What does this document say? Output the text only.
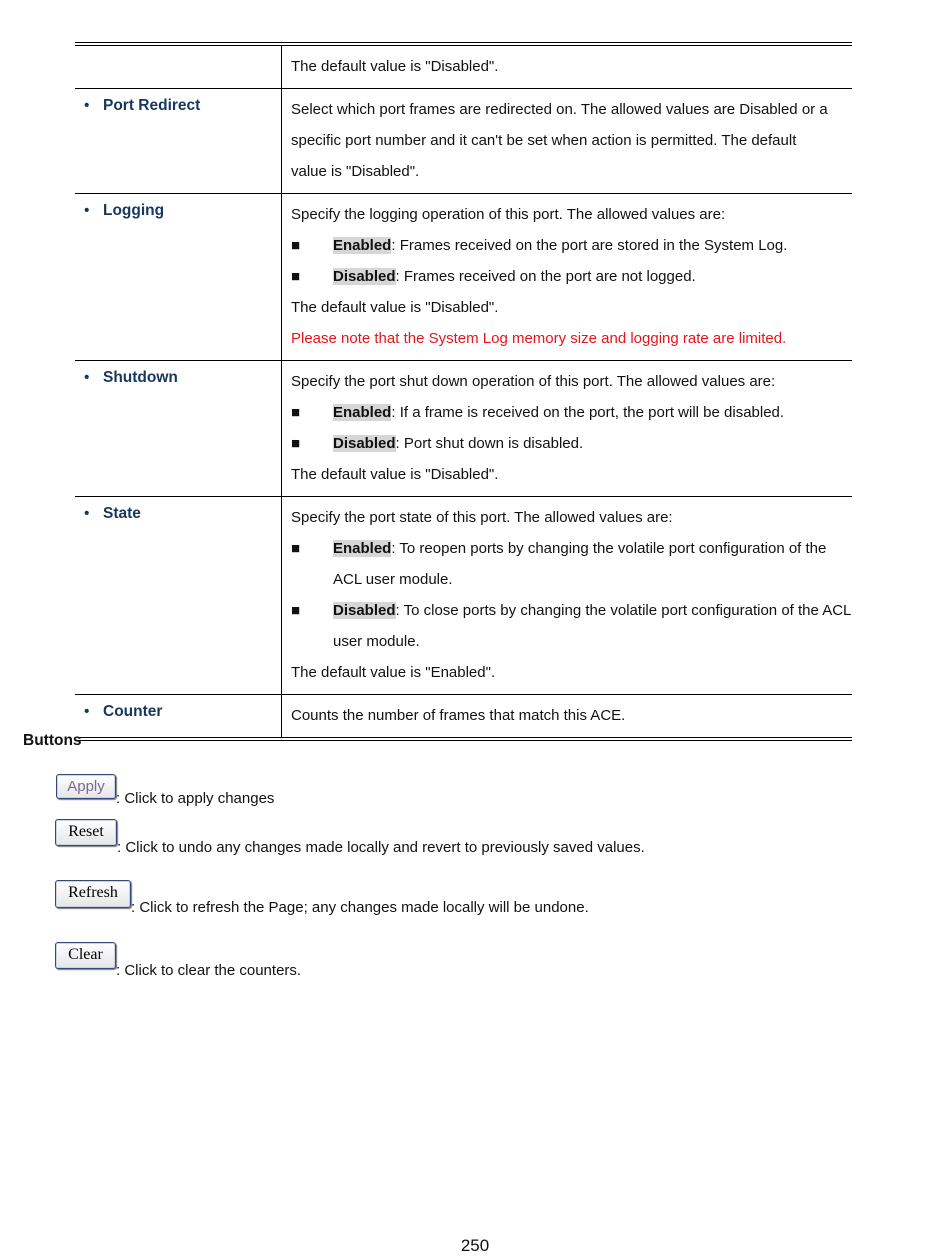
The default value is "Disabled".
• Port Redirect	Select which port frames are redirected on. The allowed values are Disabled or a
specific port number and it can't be set when action is permitted. The default
value is "Disabled".
• Logging	Specify the logging operation of this port. The allowed values are:
■	Enabled: Frames received on the port are stored in the System Log.
■	Disabled: Frames received on the port are not logged.
The default value is "Disabled".
Please note that the System Log memory size and logging rate are limited.
• Shutdown	Specify the port shut down operation of this port. The allowed values are:
■	Enabled: If a frame is received on the port, the port will be disabled.
■	Disabled: Port shut down is disabled.
The default value is "Disabled".
• State	Specify the port state of this port. The allowed values are:
■	Enabled: To reopen ports by changing the volatile port configuration of the ACL user module.
■	Disabled: To close ports by changing the volatile port configuration of the ACL user module.
The default value is "Enabled".
• Counter	Counts the number of frames that match this ACE.
Buttons
Apply
: Click to apply changes
Reset
: Click to undo any changes made locally and revert to previously saved values.
Refresh
: Click to refresh the Page; any changes made locally will be undone.
Clear
: Click to clear the counters.
250
